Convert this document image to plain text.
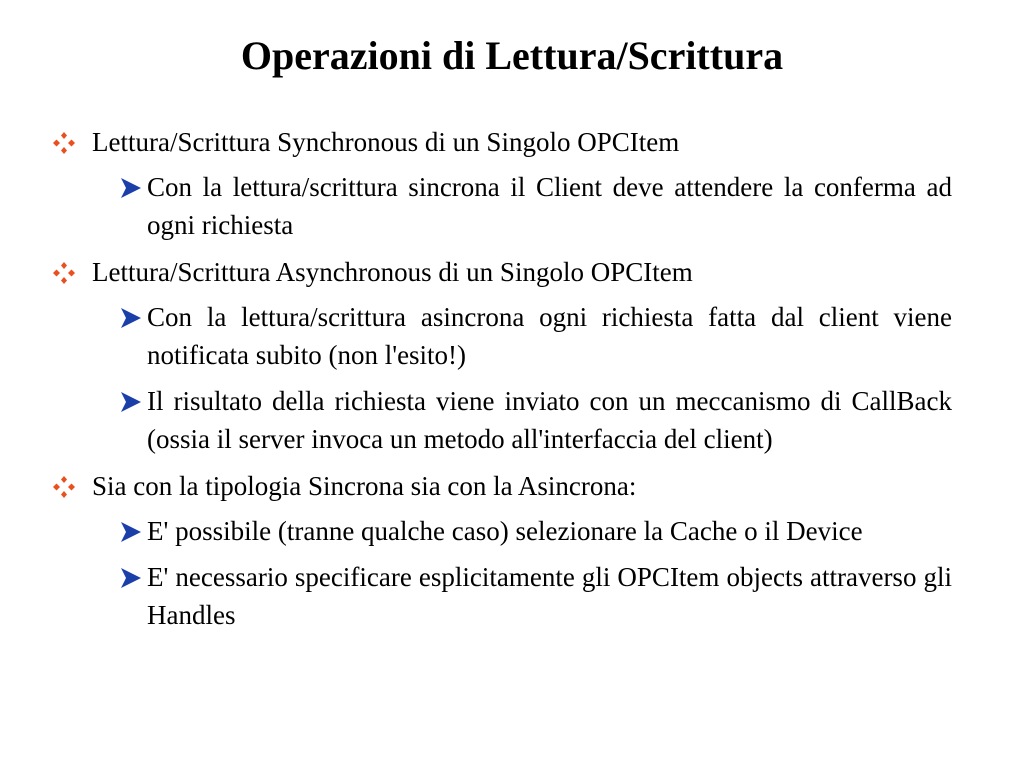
Operazioni di Lettura/Scrittura
Lettura/Scrittura Synchronous di un Singolo OPCItem
Con la lettura/scrittura sincrona il Client deve attendere la conferma ad ogni richiesta
Lettura/Scrittura Asynchronous di un Singolo OPCItem
Con la lettura/scrittura asincrona ogni richiesta fatta dal client viene notificata subito (non l'esito!)
Il risultato della richiesta viene inviato con un meccanismo di CallBack (ossia il server invoca un metodo all'interfaccia del client)
Sia con la tipologia Sincrona sia con la Asincrona:
E' possibile (tranne qualche caso) selezionare la Cache o il Device
E' necessario specificare esplicitamente gli OPCItem objects attraverso gli Handles
